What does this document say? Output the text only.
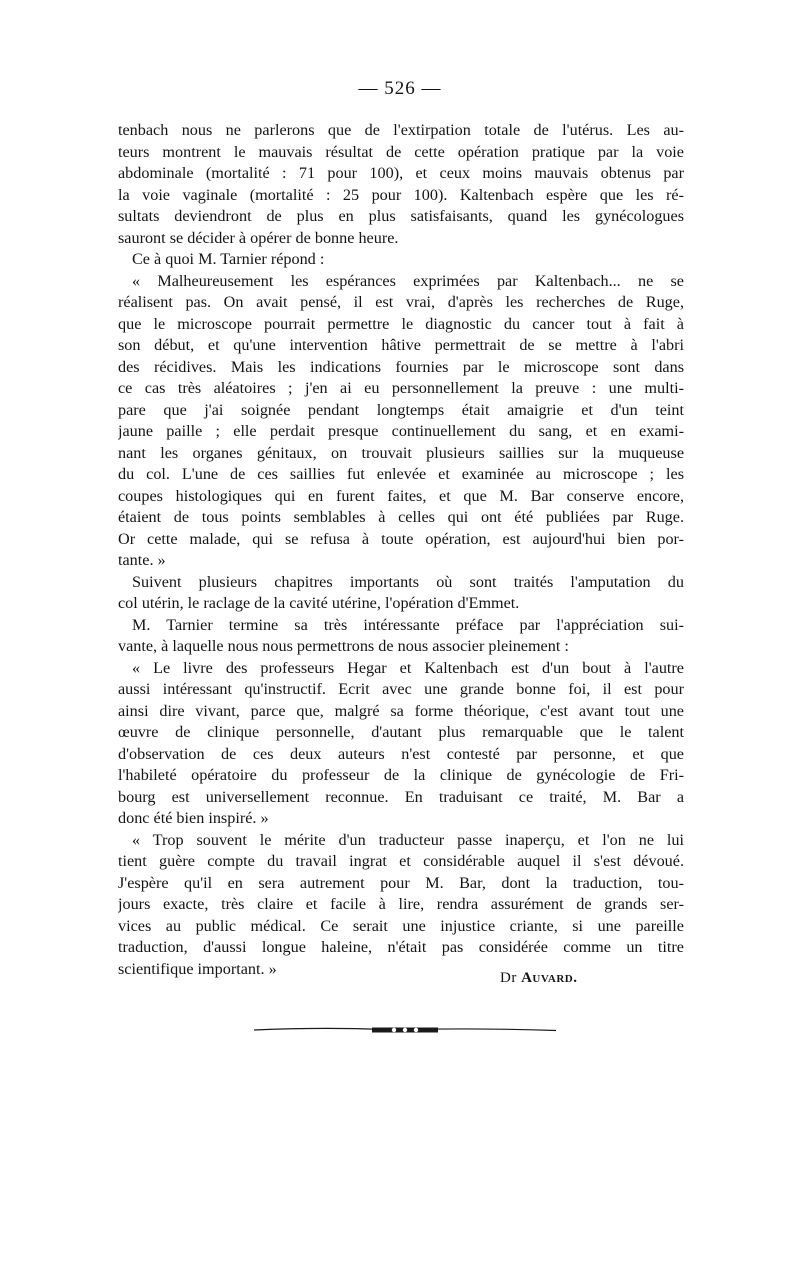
— 526 —
tenbach nous ne parlerons que de l'extirpation totale de l'utérus. Les au-
teurs montrent le mauvais résultat de cette opération pratique par la voie
abdominale (mortalité : 71 pour 100), et ceux moins mauvais obtenus par
la voie vaginale (mortalité : 25 pour 100). Kaltenbach espère que les ré-
sultats deviendront de plus en plus satisfaisants, quand les gynécologues
sauront se décider à opérer de bonne heure.
Ce à quoi M. Tarnier répond :
« Malheureusement les espérances exprimées par Kaltenbach... ne se
réalisent pas. On avait pensé, il est vrai, d'après les recherches de Ruge,
que le microscope pourrait permettre le diagnostic du cancer tout à fait à
son début, et qu'une intervention hâtive permettrait de se mettre à l'abri
des récidives. Mais les indications fournies par le microscope sont dans
ce cas très aléatoires ; j'en ai eu personnellement la preuve : une multi-
pare que j'ai soignée pendant longtemps était amaigrie et d'un teint
jaune paille ; elle perdait presque continuellement du sang, et en exami-
nant les organes génitaux, on trouvait plusieurs saillies sur la muqueuse
du col. L'une de ces saillies fut enlevée et examinée au microscope ; les
coupes histologiques qui en furent faites, et que M. Bar conserve encore,
étaient de tous points semblables à celles qui ont été publiées par Ruge.
Or cette malade, qui se refusa à toute opération, est aujourd'hui bien por-
tante. »
Suivent plusieurs chapitres importants où sont traités l'amputation du
col utérin, le raclage de la cavité utérine, l'opération d'Emmet.
M. Tarnier termine sa très intéressante préface par l'appréciation sui-
vante, à laquelle nous nous permettrons de nous associer pleinement :
« Le livre des professeurs Hegar et Kaltenbach est d'un bout à l'autre
aussi intéressant qu'instructif. Ecrit avec une grande bonne foi, il est pour
ainsi dire vivant, parce que, malgré sa forme théorique, c'est avant tout une
œuvre de clinique personnelle, d'autant plus remarquable que le talent
d'observation de ces deux auteurs n'est contesté par personne, et que
l'habileté opératoire du professeur de la clinique de gynécologie de Fri-
bourg est universellement reconnue. En traduisant ce traité, M. Bar a
donc été bien inspiré. »
« Trop souvent le mérite d'un traducteur passe inaperçu, et l'on ne lui
tient guère compte du travail ingrat et considérable auquel il s'est dévoué.
J'espère qu'il en sera autrement pour M. Bar, dont la traduction, tou-
jours exacte, très claire et facile à lire, rendra assurément de grands ser-
vices au public médical. Ce serait une injustice criante, si une pareille
traduction, d'aussi longue haleine, n'était pas considérée comme un titre
scientifique important. »
Dr Auvard.
